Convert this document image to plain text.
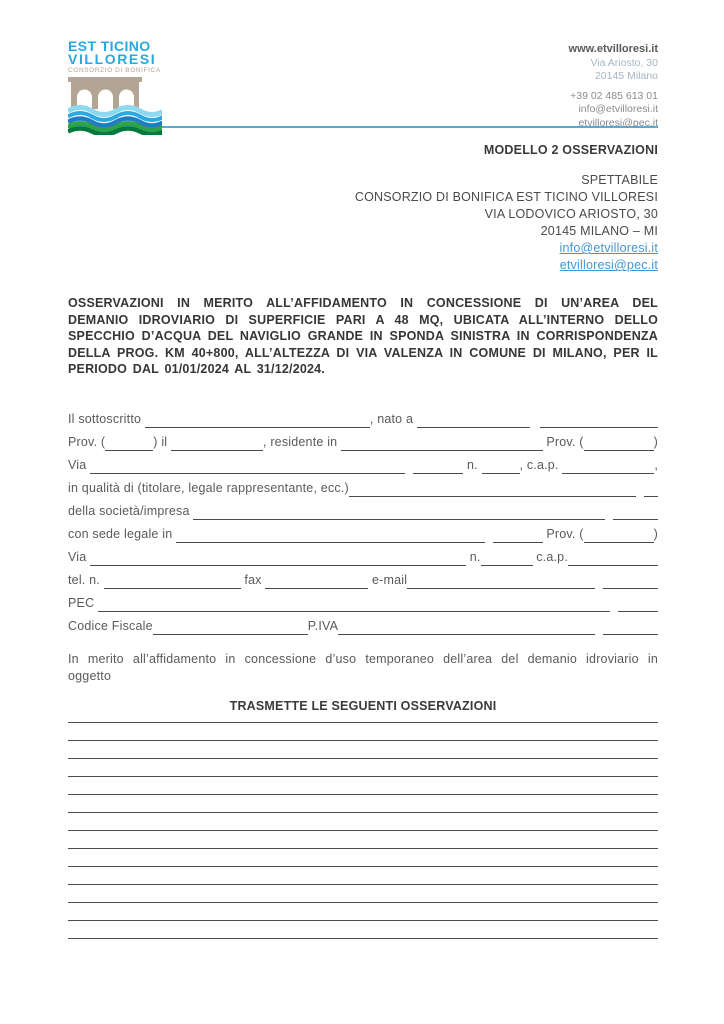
EST TICINO
VILLORESI
CONSORZIO DI BONIFICA
www.etvilloresi.it
Via Ariosto, 30
20145 Milano
+39 02 485 613 01
info@etvilloresi.it
etvilloresi@pec.it
MODELLO 2 OSSERVAZIONI
SPETTABILE
CONSORZIO DI BONIFICA EST TICINO VILLORESI
VIA LODOVICO ARIOSTO, 30
20145 MILANO – MI
info@etvilloresi.it
etvilloresi@pec.it

OSSERVAZIONI IN MERITO ALL’AFFIDAMENTO IN CONCESSIONE DI UN’AREA DEL DEMANIO IDROVIARIO DI SUPERFICIE PARI A 48 MQ, UBICATA ALL’INTERNO DELLO SPECCHIO D’ACQUA DEL NAVIGLIO GRANDE IN SPONDA SINISTRA IN CORRISPONDENZA DELLA PROG. KM 40+800, ALL’ALTEZZA DI VIA VALENZA IN COMUNE DI MILANO, PER IL PERIODO DAL 01/01/2024 AL 31/12/2024.

Il sottoscritto	, nato a
Prov. (	) il	, residente in	Prov. (	)
Via	n.	, c.a.p.	,
in qualità di (titolare, legale rappresentante, ecc.)
della società/impresa
con sede legale in	Prov. (	)
Via	n.	c.a.p.
tel. n.	fax	e-mail
PEC
Codice Fiscale	P.IVA

In merito all’affidamento in concessione d’uso temporaneo dell’area del demanio idroviario in oggetto

TRASMETTE LE SEGUENTI OSSERVAZIONI
